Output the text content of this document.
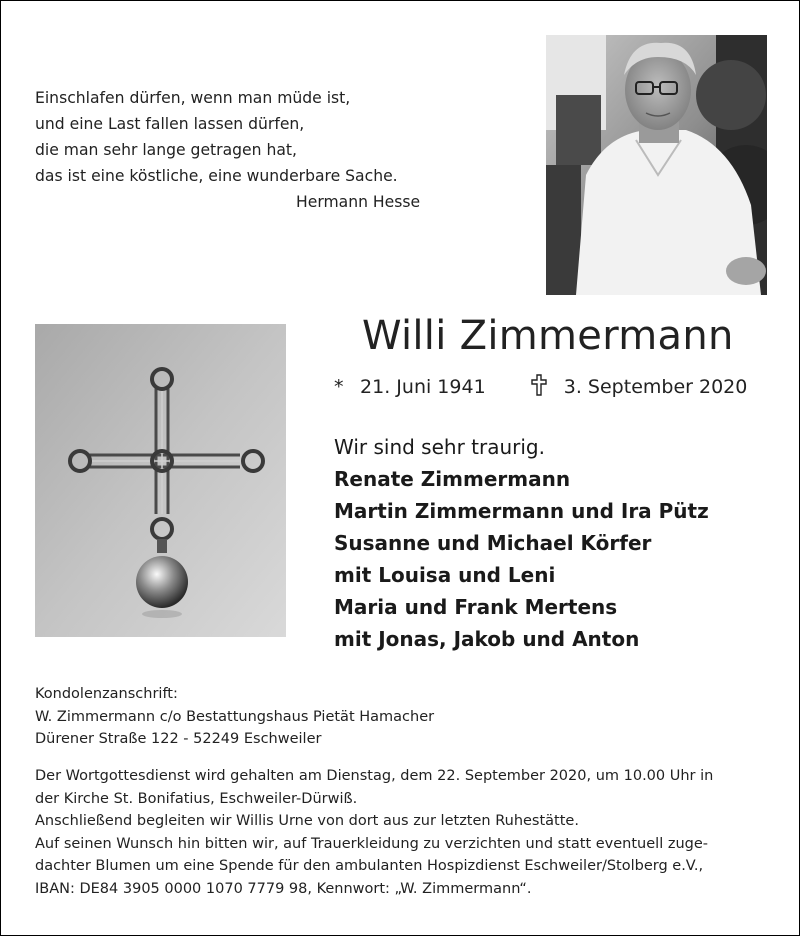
Einschlafen dürfen, wenn man müde ist,
und eine Last fallen lassen dürfen,
die man sehr lange getragen hat,
das ist eine köstliche, eine wunderbare Sache.
Hermann Hesse
Willi Zimmermann
* 21. Juni 1941	3. September 2020
Wir sind sehr traurig.
Renate Zimmermann
Martin Zimmermann und Ira Pütz
Susanne und Michael Körfer
mit Louisa und Leni
Maria und Frank Mertens
mit Jonas, Jakob und Anton
Kondolenzanschrift:
W. Zimmermann c/o Bestattungshaus Pietät Hamacher
Dürener Straße 122 - 52249 Eschweiler
Der Wortgottesdienst wird gehalten am Dienstag, dem 22. September 2020, um 10.00 Uhr in
der Kirche St. Bonifatius, Eschweiler-Dürwiß.
Anschließend begleiten wir Willis Urne von dort aus zur letzten Ruhestätte.
Auf seinen Wunsch hin bitten wir, auf Trauerkleidung zu verzichten und statt eventuell zuge-
dachter Blumen um eine Spende für den ambulanten Hospizdienst Eschweiler/Stolberg e.V.,
IBAN: DE84 3905 0000 1070 7779 98, Kennwort: „W. Zimmermann“.
